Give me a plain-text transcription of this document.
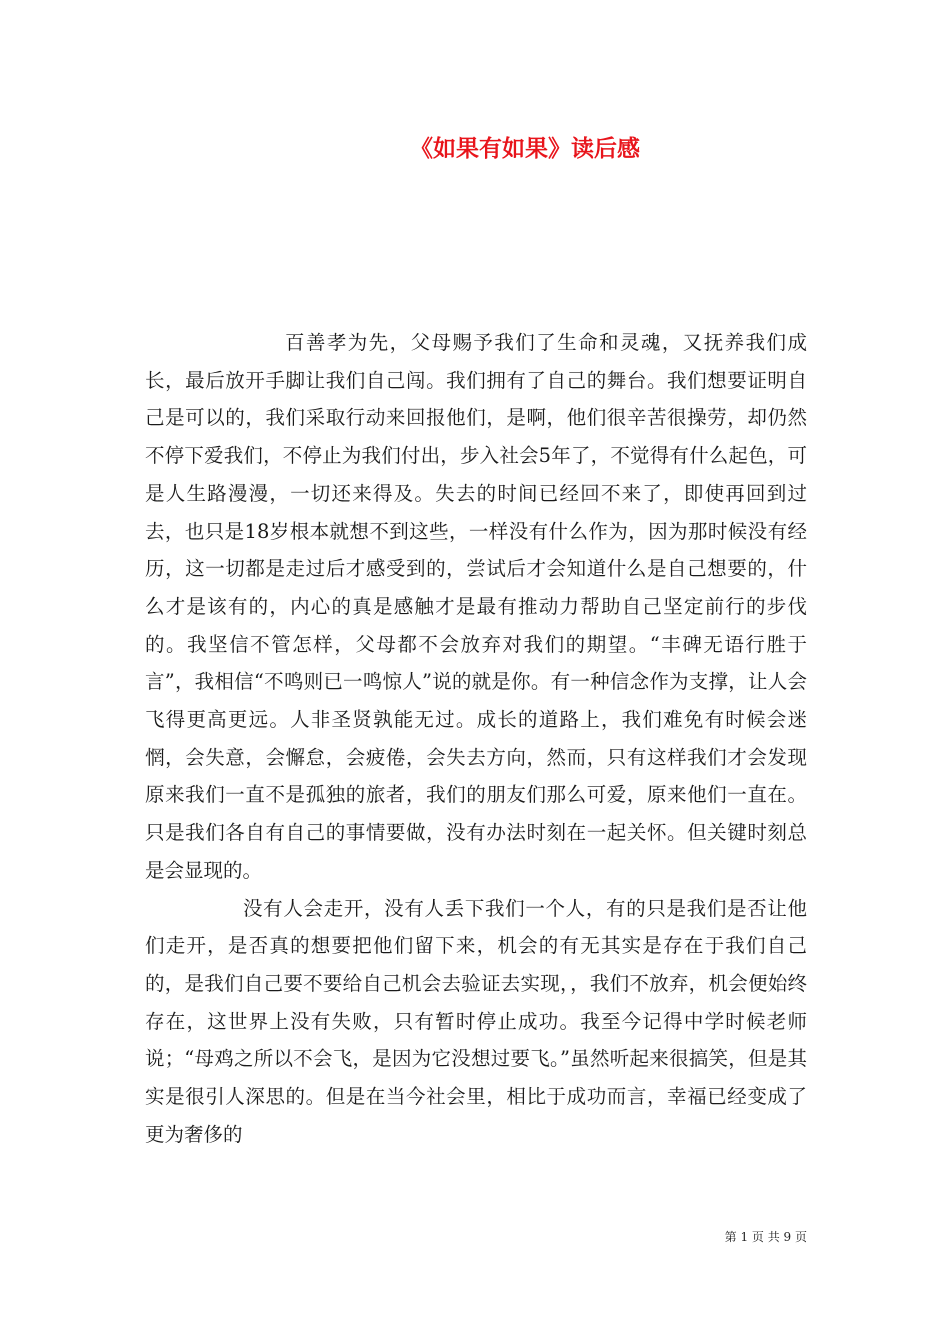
《如果有如果》读后感

百善孝为先，父母赐予我们了生命和灵魂，又抚养我们成长，最后放开手脚让我们自己闯。我们拥有了自己的舞台。我们想要证明自己是可以的，我们采取行动来回报他们，是啊，他们很辛苦很操劳，却仍然不停下爱我们，不停止为我们付出，步入社会5年了，不觉得有什么起色，可是人生路漫漫，一切还来得及。失去的时间已经回不来了，即使再回到过去，也只是18岁根本就想不到这些，一样没有什么作为，因为那时候没有经历，这一切都是走过后才感受到的，尝试后才会知道什么是自己想要的，什么才是该有的，内心的真是感触才是最有推动力帮助自己坚定前行的步伐的。我坚信不管怎样，父母都不会放弃对我们的期望。“丰碑无语行胜于言”，我相信“不鸣则已一鸣惊人”说的就是你。有一种信念作为支撑，让人会飞得更高更远。人非圣贤孰能无过。成长的道路上，我们难免有时候会迷惘，会失意，会懈怠，会疲倦，会失去方向，然而，只有这样我们才会发现原来我们一直不是孤独的旅者，我们的朋友们那么可爱，原来他们一直在。只是我们各自有自己的事情要做，没有办法时刻在一起关怀。但关键时刻总是会显现的。

没有人会走开，没有人丢下我们一个人，有的只是我们是否让他们走开，是否真的想要把他们留下来，机会的有无其实是存在于我们自己的，是我们自己要不要给自己机会去验证去实现，，我们不放弃，机会便始终存在，这世界上没有失败，只有暂时停止成功。我至今记得中学时候老师说；“母鸡之所以不会飞，是因为它没想过要飞。”虽然听起来很搞笑，但是其实是很引人深思的。但是在当今社会里，相比于成功而言，幸福已经变成了更为奢侈的

第 1 页 共 9 页
